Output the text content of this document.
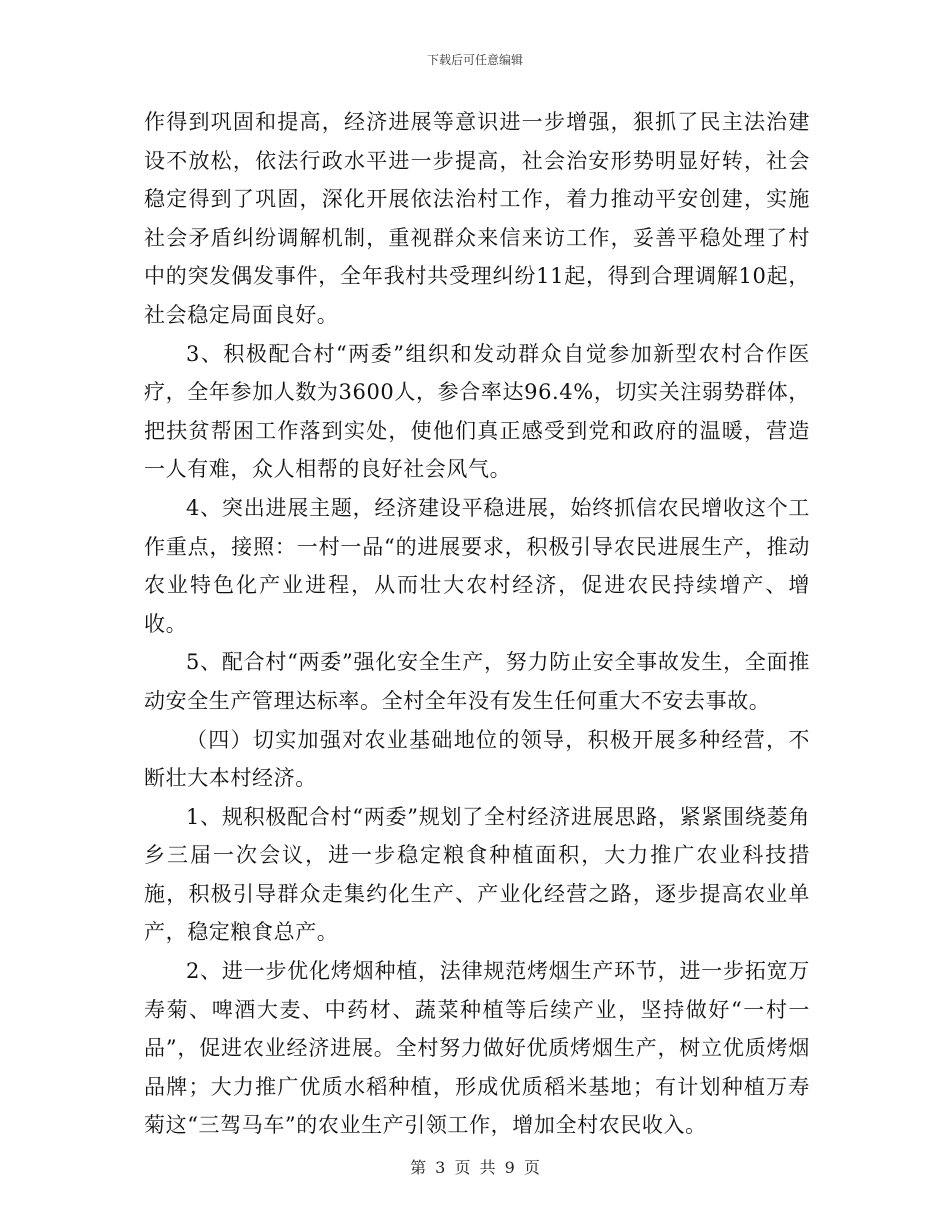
下载后可任意编辑

作得到巩固和提高，经济进展等意识进一步增强，狠抓了民主法治建设不放松，依法行政水平进一步提高，社会治安形势明显好转，社会稳定得到了巩固，深化开展依法治村工作，着力推动平安创建，实施社会矛盾纠纷调解机制，重视群众来信来访工作，妥善平稳处理了村中的突发偶发事件，全年我村共受理纠纷11起，得到合理调解10起，社会稳定局面良好。

3、积极配合村“两委”组织和发动群众自觉参加新型农村合作医疗，全年参加人数为3600人，参合率达96.4%，切实关注弱势群体，把扶贫帮困工作落到实处，使他们真正感受到党和政府的温暖，营造一人有难，众人相帮的良好社会风气。

4、突出进展主题，经济建设平稳进展，始终抓信农民增收这个工作重点，接照：一村一品“的进展要求，积极引导农民进展生产，推动农业特色化产业进程，从而壮大农村经济，促进农民持续增产、增收。

5、配合村“两委”强化安全生产，努力防止安全事故发生，全面推动安全生产管理达标率。全村全年没有发生任何重大不安去事故。

（四）切实加强对农业基础地位的领导，积极开展多种经营，不断壮大本村经济。

1、规积极配合村“两委”规划了全村经济进展思路，紧紧围绕菱角乡三届一次会议，进一步稳定粮食种植面积，大力推广农业科技措施，积极引导群众走集约化生产、产业化经营之路，逐步提高农业单产，稳定粮食总产。

2、进一步优化烤烟种植，法律规范烤烟生产环节，进一步拓宽万寿菊、啤酒大麦、中药材、蔬菜种植等后续产业，坚持做好“一村一品”，促进农业经济进展。全村努力做好优质烤烟生产，树立优质烤烟品牌；大力推广优质水稻种植，形成优质稻米基地；有计划种植万寿菊这“三驾马车”的农业生产引领工作，增加全村农民收入。

第 3 页 共 9 页
